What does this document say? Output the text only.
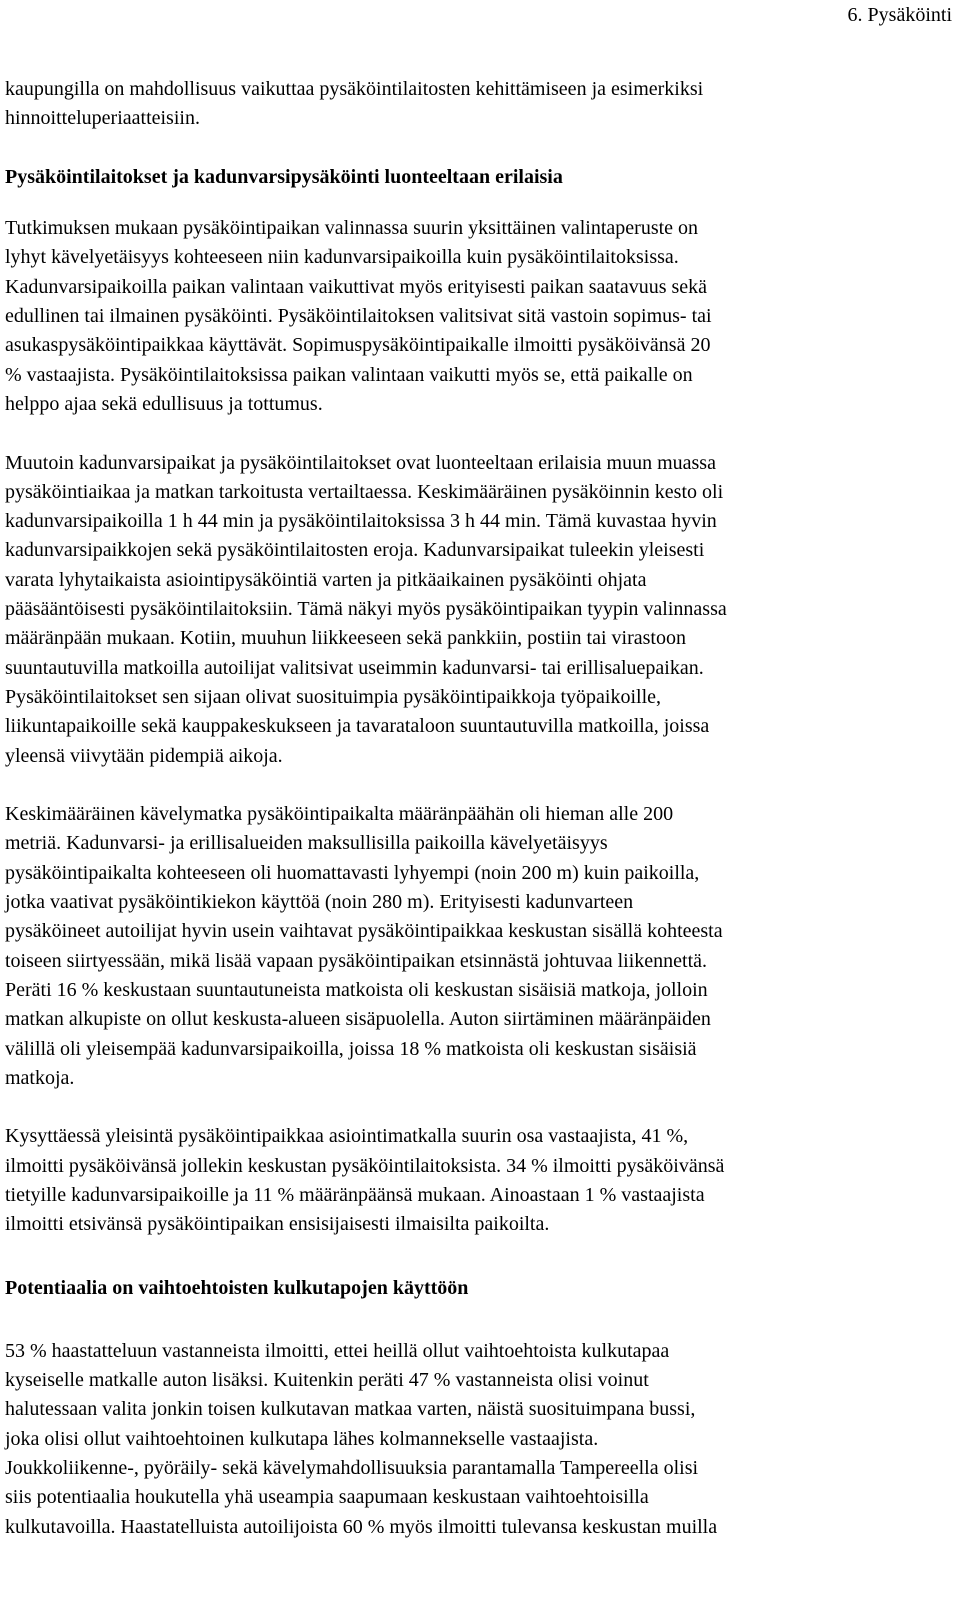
6. Pysäköinti

kaupungilla on mahdollisuus vaikuttaa pysäköintilaitosten kehittämiseen ja esimerkiksi
hinnoitteluperiaatteisiin.

Pysäköintilaitokset ja kadunvarsipysäköinti luonteeltaan erilaisia

Tutkimuksen mukaan pysäköintipaikan valinnassa suurin yksittäinen valintaperuste on
lyhyt kävelyetäisyys kohteeseen niin kadunvarsipaikoilla kuin pysäköintilaitoksissa.
Kadunvarsipaikoilla paikan valintaan vaikuttivat myös erityisesti paikan saatavuus sekä
edullinen tai ilmainen pysäköinti. Pysäköintilaitoksen valitsivat sitä vastoin sopimus- tai
asukaspysäköintipaikkaa käyttävät. Sopimuspysäköintipaikalle ilmoitti pysäköivänsä 20
% vastaajista. Pysäköintilaitoksissa paikan valintaan vaikutti myös se, että paikalle on
helppo ajaa sekä edullisuus ja tottumus.

Muutoin kadunvarsipaikat ja pysäköintilaitokset ovat luonteeltaan erilaisia muun muassa
pysäköintiaikaa ja matkan tarkoitusta vertailtaessa. Keskimääräinen pysäköinnin kesto oli
kadunvarsipaikoilla 1 h 44 min ja pysäköintilaitoksissa 3 h 44 min. Tämä kuvastaa hyvin
kadunvarsipaikkojen sekä pysäköintilaitosten eroja. Kadunvarsipaikat tuleekin yleisesti
varata lyhytaikaista asiointipysäköintiä varten ja pitkäaikainen pysäköinti ohjata
pääsääntöisesti pysäköintilaitoksiin. Tämä näkyi myös pysäköintipaikan tyypin valinnassa
määränpään mukaan. Kotiin, muuhun liikkeeseen sekä pankkiin, postiin tai virastoon
suuntautuvilla matkoilla autoilijat valitsivat useimmin kadunvarsi- tai erillisaluepaikan.
Pysäköintilaitokset sen sijaan olivat suosituimpia pysäköintipaikkoja työpaikoille,
liikuntapaikoille sekä kauppakeskukseen ja tavarataloon suuntautuvilla matkoilla, joissa
yleensä viivytään pidempiä aikoja.

Keskimääräinen kävelymatka pysäköintipaikalta määränpäähän oli hieman alle 200
metriä. Kadunvarsi- ja erillisalueiden maksullisilla paikoilla kävelyetäisyys
pysäköintipaikalta kohteeseen oli huomattavasti lyhyempi (noin 200 m) kuin paikoilla,
jotka vaativat pysäköintikiekon käyttöä (noin 280 m). Erityisesti kadunvarteen
pysäköineet autoilijat hyvin usein vaihtavat pysäköintipaikkaa keskustan sisällä kohteesta
toiseen siirtyessään, mikä lisää vapaan pysäköintipaikan etsinnästä johtuvaa liikennettä.
Peräti 16 % keskustaan suuntautuneista matkoista oli keskustan sisäisiä matkoja, jolloin
matkan alkupiste on ollut keskusta-alueen sisäpuolella. Auton siirtäminen määränpäiden
välillä oli yleisempää kadunvarsipaikoilla, joissa 18 % matkoista oli keskustan sisäisiä
matkoja.

Kysyttäessä yleisintä pysäköintipaikkaa asiointimatkalla suurin osa vastaajista, 41 %,
ilmoitti pysäköivänsä jollekin keskustan pysäköintilaitoksista. 34 % ilmoitti pysäköivänsä
tietyille kadunvarsipaikoille ja 11 % määränpäänsä mukaan. Ainoastaan 1 % vastaajista
ilmoitti etsivänsä pysäköintipaikan ensisijaisesti ilmaisilta paikoilta.

Potentiaalia on vaihtoehtoisten kulkutapojen käyttöön

53 % haastatteluun vastanneista ilmoitti, ettei heillä ollut vaihtoehtoista kulkutapaa
kyseiselle matkalle auton lisäksi. Kuitenkin peräti 47 % vastanneista olisi voinut
halutessaan valita jonkin toisen kulkutavan matkaa varten, näistä suosituimpana bussi,
joka olisi ollut vaihtoehtoinen kulkutapa lähes kolmannekselle vastaajista.
Joukkoliikenne-, pyöräily- sekä kävelymahdollisuuksia parantamalla Tampereella olisi
siis potentiaalia houkutella yhä useampia saapumaan keskustaan vaihtoehtoisilla
kulkutavoilla. Haastatelluista autoilijoista 60 % myös ilmoitti tulevansa keskustan muilla
